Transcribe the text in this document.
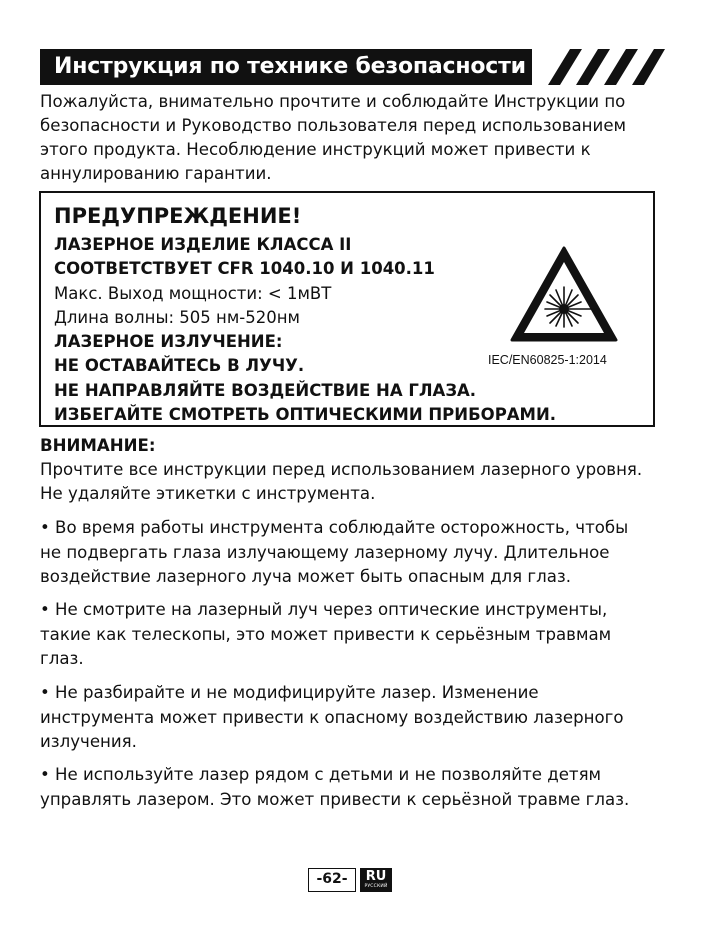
Инструкция по технике безопасности
Пожалуйста, внимательно прочтите и соблюдайте Инструкции по
безопасности и Руководство пользователя перед использованием
этого продукта. Несоблюдение инструкций может привести к
аннулированию гарантии.
ПРЕДУПРЕЖДЕНИЕ!
ЛАЗЕРНОЕ ИЗДЕЛИЕ КЛАССА II
СООТВЕТСТВУЕТ CFR 1040.10 И 1040.11
Макс. Выход мощности: < 1мВТ
Длина волны: 505 нм-520нм
ЛАЗЕРНОЕ ИЗЛУЧЕНИЕ:
НЕ ОСТАВАЙТЕСЬ В ЛУЧУ.
НЕ НАПРАВЛЯЙТЕ ВОЗДЕЙСТВИЕ НА ГЛАЗА.
ИЗБЕГАЙТЕ СМОТРЕТЬ ОПТИЧЕСКИМИ ПРИБОРАМИ.
IEC/EN60825-1:2014
ВНИМАНИЕ:
Прочтите все инструкции перед использованием лазерного уровня.
Не удаляйте этикетки с инструмента.
• Во время работы инструмента соблюдайте осторожность, чтобы
не подвергать глаза излучающему лазерному лучу. Длительное
воздействие лазерного луча может быть опасным для глаз.
• Не смотрите на лазерный луч через оптические инструменты,
такие как телескопы, это может привести к серьёзным травмам
глаз.
• Не разбирайте и не модифицируйте лазер. Изменение
инструмента может привести к опасному воздействию лазерного
излучения.
• Не используйте лазер рядом с детьми и не позволяйте детям
управлять лазером. Это может привести к серьёзной травме глаз.
-62-	RU
РУССКИЙ
